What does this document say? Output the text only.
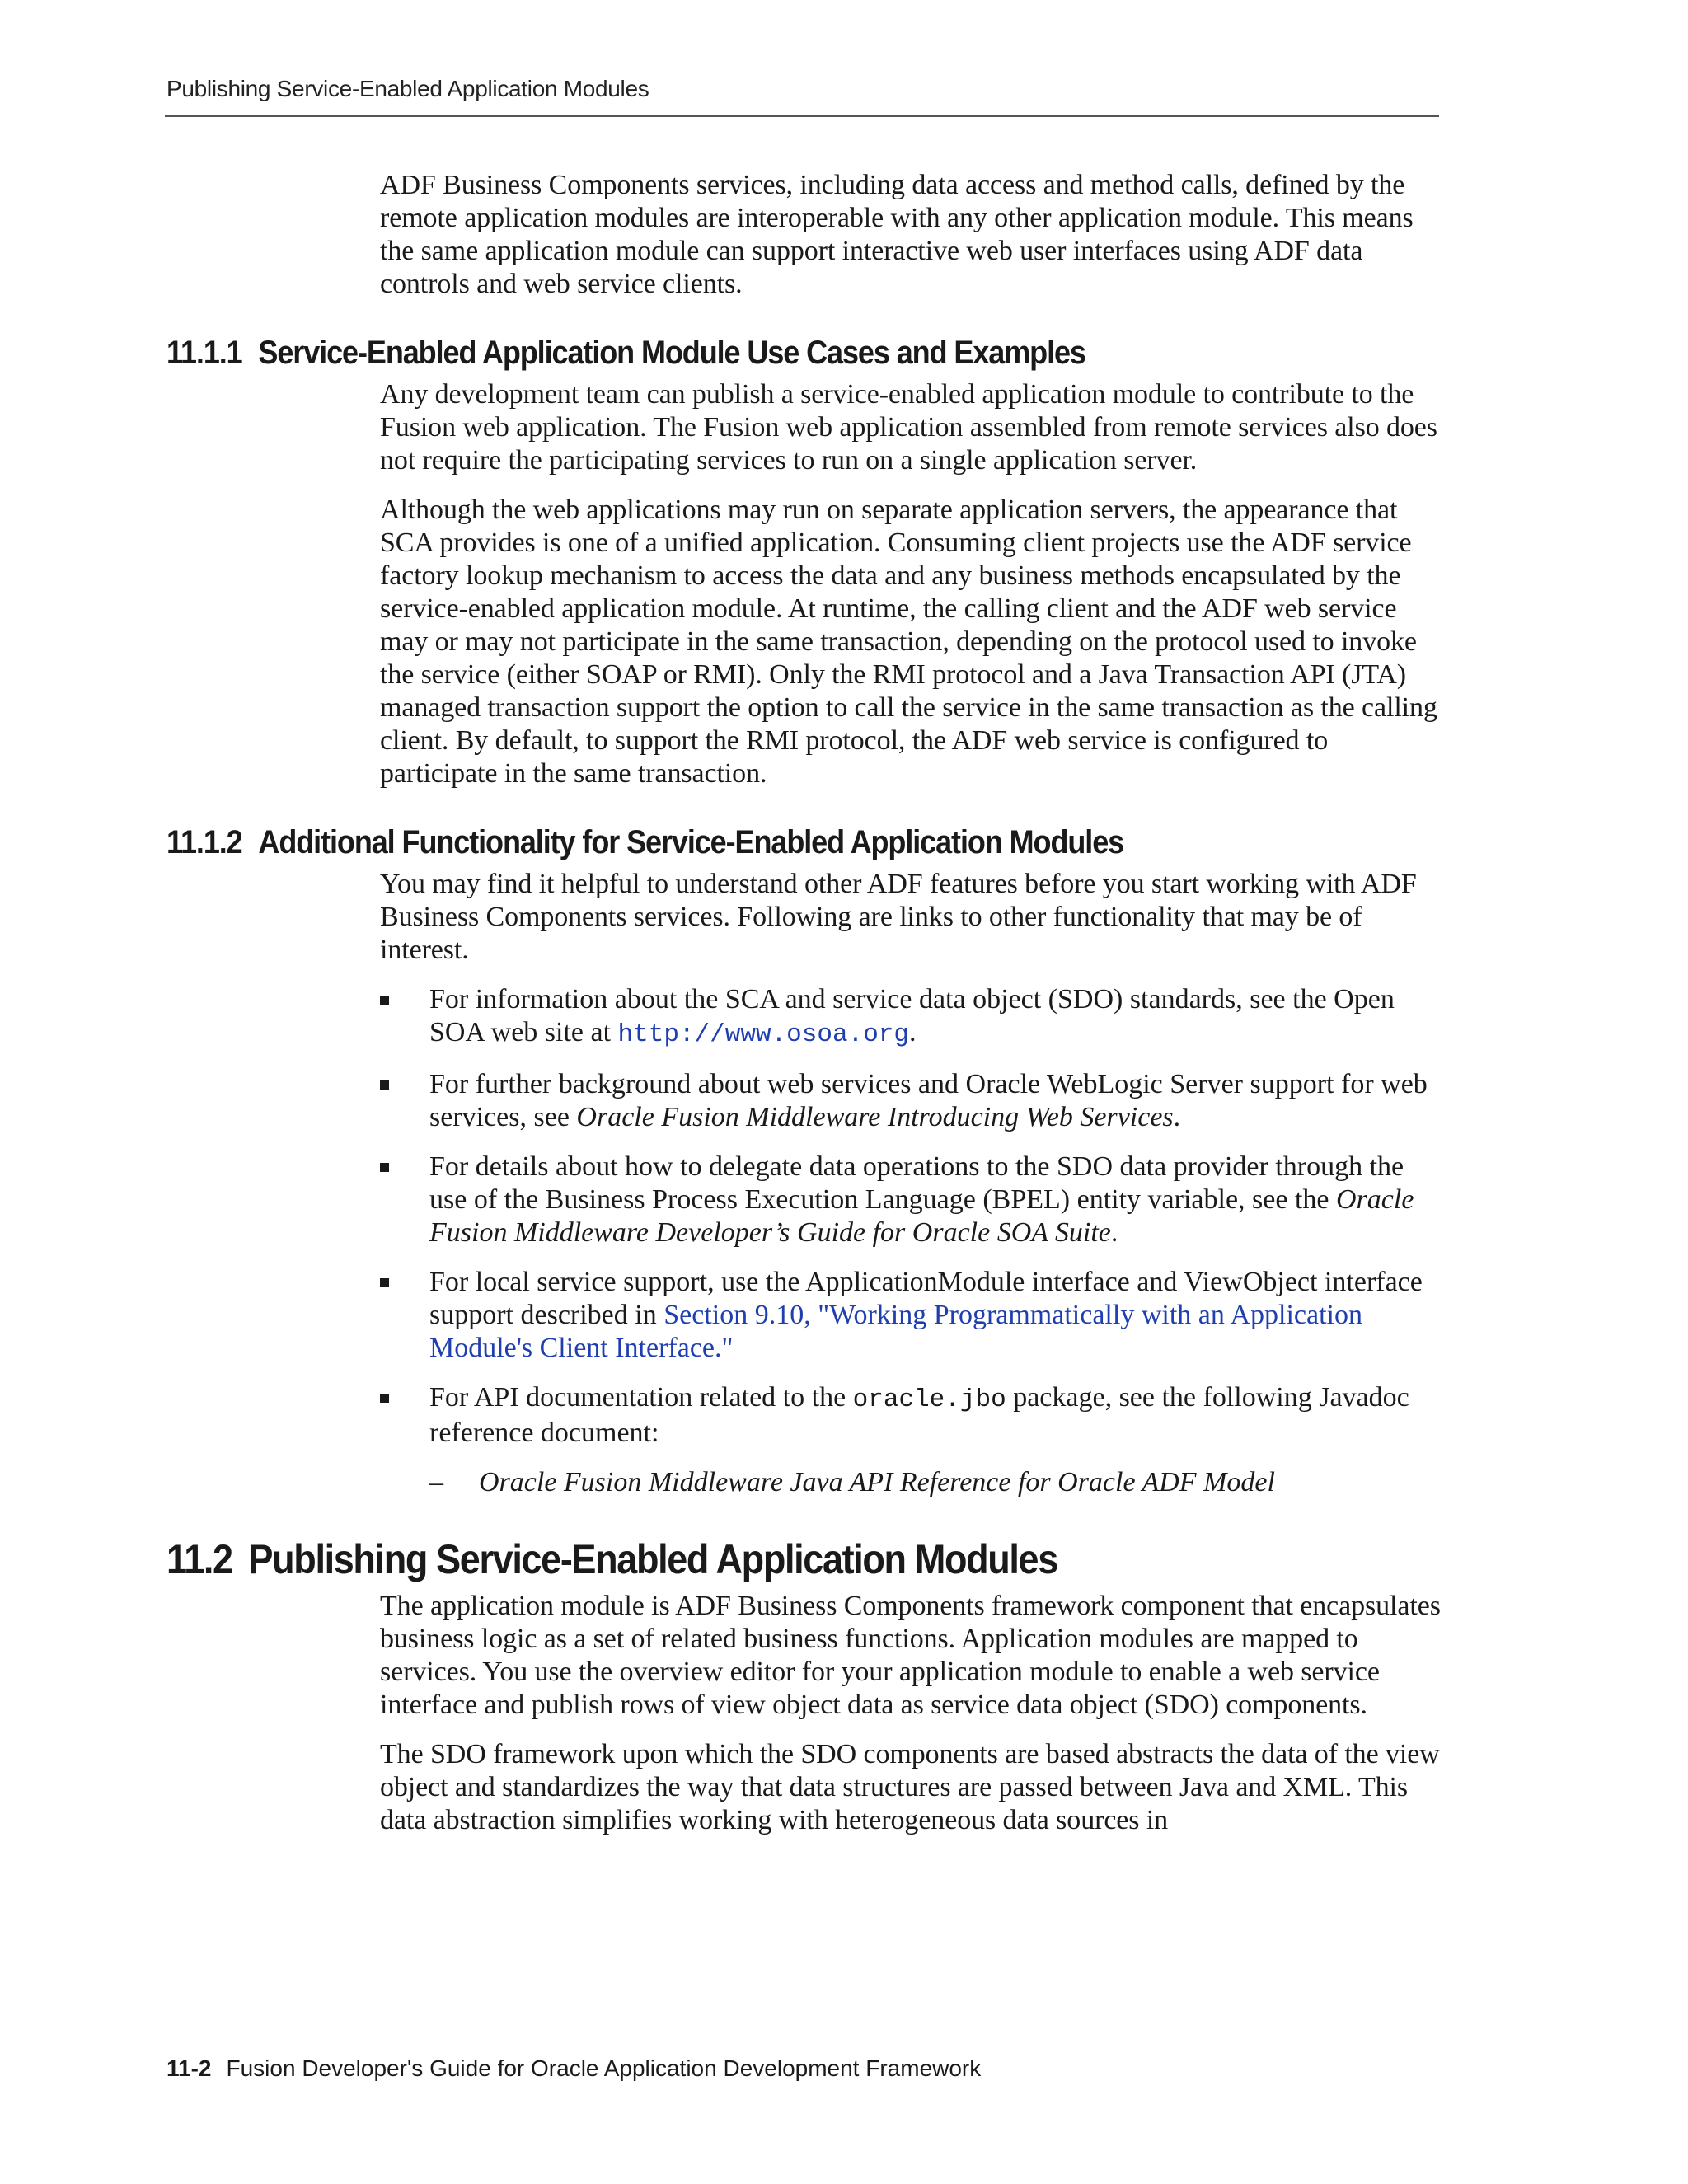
Publishing Service-Enabled Application Modules

ADF Business Components services, including data access and method calls, defined by the remote application modules are interoperable with any other application module. This means the same application module can support interactive web user interfaces using ADF data controls and web service clients.

11.1.1 Service-Enabled Application Module Use Cases and Examples

Any development team can publish a service-enabled application module to contribute to the Fusion web application. The Fusion web application assembled from remote services also does not require the participating services to run on a single application server.

Although the web applications may run on separate application servers, the appearance that SCA provides is one of a unified application. Consuming client projects use the ADF service factory lookup mechanism to access the data and any business methods encapsulated by the service-enabled application module. At runtime, the calling client and the ADF web service may or may not participate in the same transaction, depending on the protocol used to invoke the service (either SOAP or RMI). Only the RMI protocol and a Java Transaction API (JTA) managed transaction support the option to call the service in the same transaction as the calling client. By default, to support the RMI protocol, the ADF web service is configured to participate in the same transaction.

11.1.2 Additional Functionality for Service-Enabled Application Modules

You may find it helpful to understand other ADF features before you start working with ADF Business Components services. Following are links to other functionality that may be of interest.

For information about the SCA and service data object (SDO) standards, see the Open SOA web site at http://www.osoa.org.
For further background about web services and Oracle WebLogic Server support for web services, see Oracle Fusion Middleware Introducing Web Services.
For details about how to delegate data operations to the SDO data provider through the use of the Business Process Execution Language (BPEL) entity variable, see the Oracle Fusion Middleware Developer’s Guide for Oracle SOA Suite.
For local service support, use the ApplicationModule interface and ViewObject interface support described in Section 9.10, "Working Programmatically with an Application Module's Client Interface."
For API documentation related to the oracle.jbo package, see the following Javadoc reference document:
– Oracle Fusion Middleware Java API Reference for Oracle ADF Model
11.2 Publishing Service-Enabled Application Modules

The application module is ADF Business Components framework component that encapsulates business logic as a set of related business functions. Application modules are mapped to services. You use the overview editor for your application module to enable a web service interface and publish rows of view object data as service data object (SDO) components.

The SDO framework upon which the SDO components are based abstracts the data of the view object and standardizes the way that data structures are passed between Java and XML. This data abstraction simplifies working with heterogeneous data sources in

11-2 Fusion Developer's Guide for Oracle Application Development Framework
